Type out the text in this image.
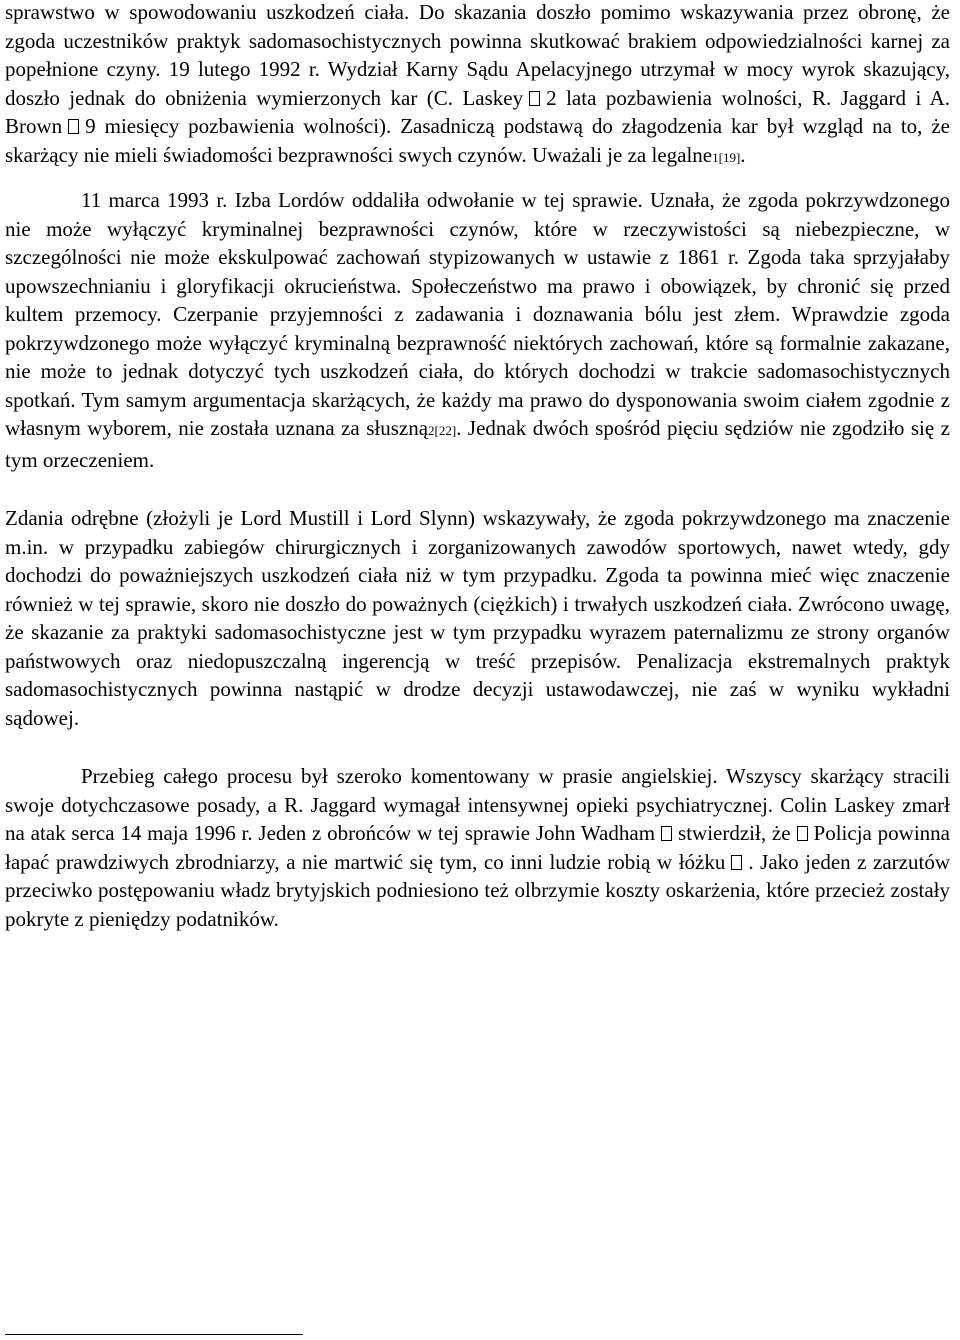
sprawstwo w spowodowaniu uszkodzeń ciała. Do skazania doszło pomimo wskazywania przez obronę, że zgoda uczestników praktyk sadomasochistycznych powinna skutkować brakiem odpowiedzialności karnej za popełnione czyny. 19 lutego 1992 r. Wydział Karny Sądu Apelacyjnego utrzymał w mocy wyrok skazujący, doszło jednak do obniżenia wymierzonych kar (C. Laskey 2 lata pozbawienia wolności, R. Jaggard i A. Brown 9 miesięcy pozbawienia wolności). Zasadniczą podstawą do złagodzenia kar był wzgląd na to, że skarżący nie mieli świadomości bezprawności swych czynów. Uważali je za legalne1[19].

11 marca 1993 r. Izba Lordów oddaliła odwołanie w tej sprawie. Uznała, że zgoda pokrzywdzonego nie może wyłączyć kryminalnej bezprawności czynów, które w rzeczywistości są niebezpieczne, w szczególności nie może ekskulpować zachowań stypizowanych w ustawie z 1861 r. Zgoda taka sprzyjałaby upowszechnianiu i gloryfikacji okrucieństwa. Społeczeństwo ma prawo i obowiązek, by chronić się przed kultem przemocy. Czerpanie przyjemności z zadawania i doznawania bólu jest złem. Wprawdzie zgoda pokrzywdzonego może wyłączyć kryminalną bezprawność niektórych zachowań, które są formalnie zakazane, nie może to jednak dotyczyć tych uszkodzeń ciała, do których dochodzi w trakcie sadomasochistycznych spotkań. Tym samym argumentacja skarżących, że każdy ma prawo do dysponowania swoim ciałem zgodnie z własnym wyborem, nie została uznana za słuszną2[22]. Jednak dwóch spośród pięciu sędziów nie zgodziło się z tym orzeczeniem.

Zdania odrębne (złożyli je Lord Mustill i Lord Slynn) wskazywały, że zgoda pokrzywdzonego ma znaczenie m.in. w przypadku zabiegów chirurgicznych i zorganizowanych zawodów sportowych, nawet wtedy, gdy dochodzi do poważniejszych uszkodzeń ciała niż w tym przypadku. Zgoda ta powinna mieć więc znaczenie również w tej sprawie, skoro nie doszło do poważnych (ciężkich) i trwałych uszkodzeń ciała. Zwrócono uwagę, że skazanie za praktyki sadomasochistyczne jest w tym przypadku wyrazem paternalizmu ze strony organów państwowych oraz niedopuszczalną ingerencją w treść przepisów. Penalizacja ekstremalnych praktyk sadomasochistycznych powinna nastąpić w drodze decyzji ustawodawczej, nie zaś w wyniku wykładni sądowej.

Przebieg całego procesu był szeroko komentowany w prasie angielskiej. Wszyscy skarżący stracili swoje dotychczasowe posady, a R. Jaggard wymagał intensywnej opieki psychiatrycznej. Colin Laskey zmarł na atak serca 14 maja 1996 r. Jeden z obrońców w tej sprawie John Wadham stwierdził, że Policja powinna łapać prawdziwych zbrodniarzy, a nie martwić się tym, co inni ludzie robią w łóżku . Jako jeden z zarzutów przeciwko postępowaniu władz brytyjskich podniesiono też olbrzymie koszty oskarżenia, które przecież zostały pokryte z pieniędzy podatników.
